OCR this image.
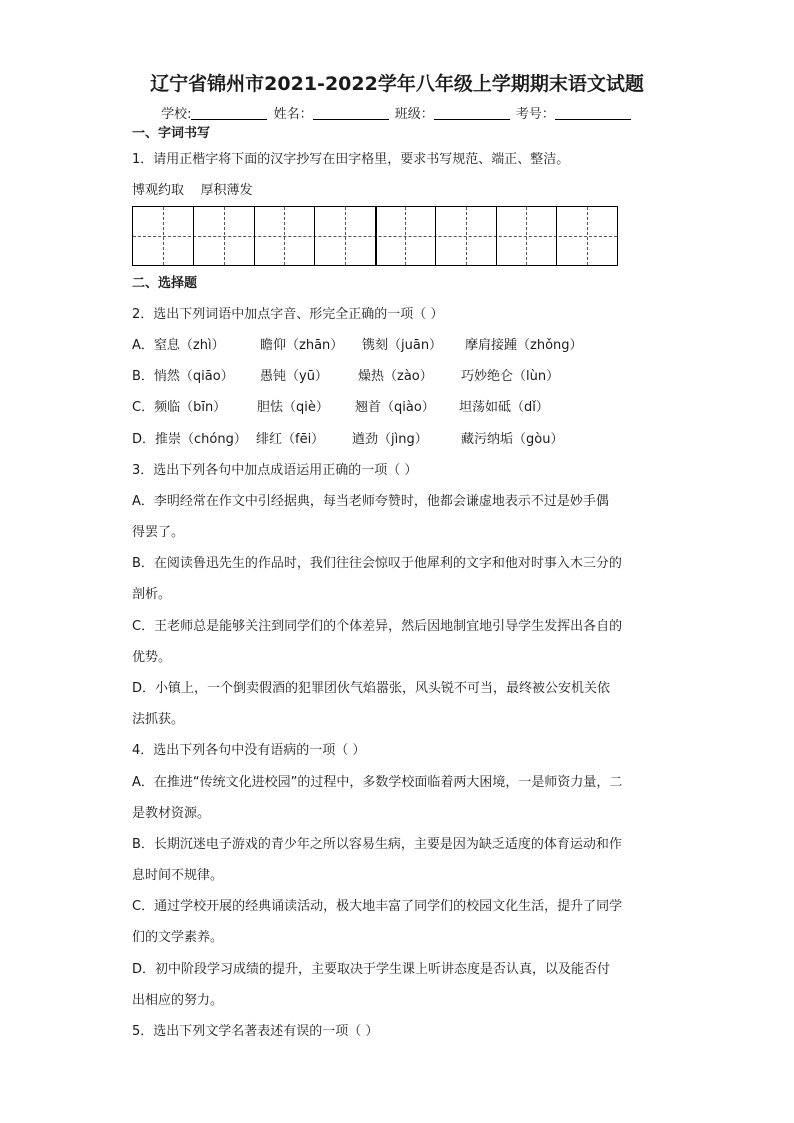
辽宁省锦州市2021-2022学年八年级上学期期末语文试题
学校:	姓名：	班级：	考号：
一、字词书写
1．请用正楷字将下面的汉字抄写在田字格里，要求书写规范、端正、整洁。
博观约取    厚积薄发
二、选择题
2．选出下列词语中加点字音、形完全正确的一项（ ）
A．窒息（zhì）	瞻仰（zhān） 镌刻（juān） 摩肩接踵（zhǒng）
B．悄然（qiāo） 愚钝（yū） 燥热（zào） 巧妙绝仑（lùn）
C．频临（bīn） 胆怯（qiè） 翘首（qiào） 坦荡如砥（dǐ）
D．推崇（chóng） 绯红（fēi） 遒劲（jìng）	藏污纳垢（gòu）
3．选出下列各句中加点成语运用正确的一项（ ）
A．李明经常在作文中引经据典，每当老师夸赞时，他都会谦虚地表示不过是妙手偶
得罢了。
B．在阅读鲁迅先生的作品时，我们往往会惊叹于他犀利的文字和他对时事入木三分的
剖析。
C．王老师总是能够关注到同学们的个体差异，然后因地制宜地引导学生发挥出各自的
优势。
D．小镇上，一个倒卖假酒的犯罪团伙气焰嚣张，风头锐不可当，最终被公安机关依
法抓获。
4．选出下列各句中没有语病的一项（ ）
A．在推进“传统文化进校园”的过程中，多数学校面临着两大困境，一是师资力量，二
是教材资源。
B．长期沉迷电子游戏的青少年之所以容易生病，主要是因为缺乏适度的体育运动和作
息时间不规律。
C．通过学校开展的经典诵读活动，极大地丰富了同学们的校园文化生活，提升了同学
们的文学素养。
D．初中阶段学习成绩的提升，主要取决于学生课上听讲态度是否认真，以及能否付
出相应的努力。
5．选出下列文学名著表述有误的一项（ ）
